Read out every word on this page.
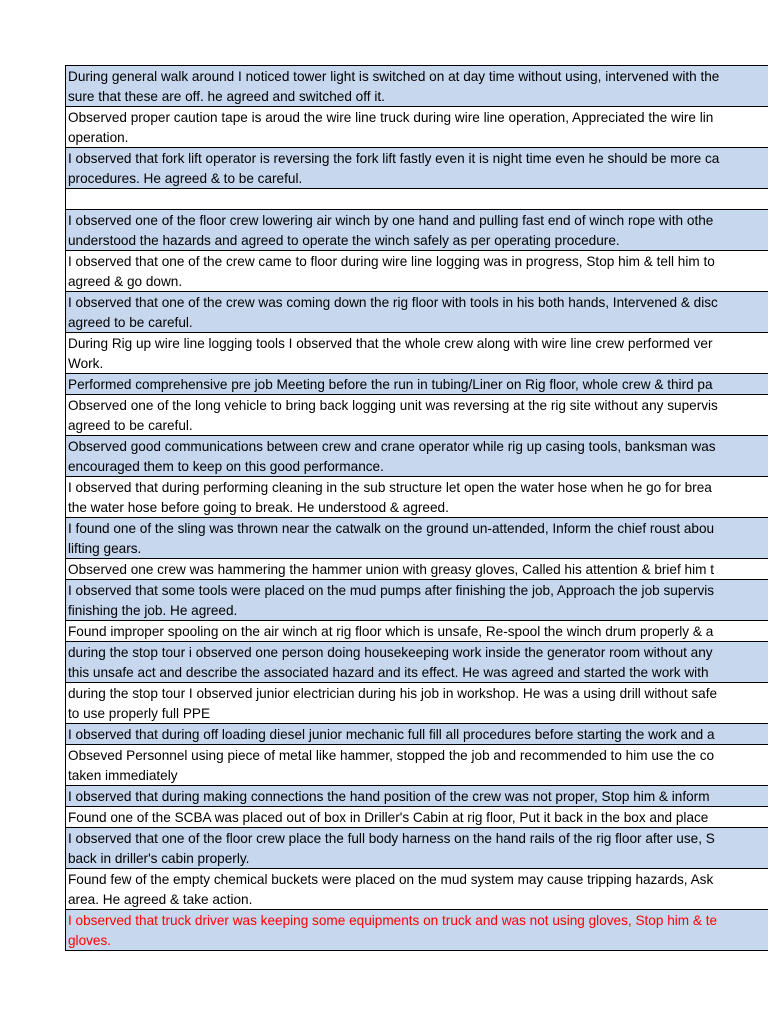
During general walk around I noticed tower light is switched on at day time without using, intervened with the
sure that these are off. he agreed and switched off it.
Observed proper caution tape is aroud the wire line truck during wire line operation, Appreciated the wire lin
operation.
I observed that fork lift operator is reversing the fork lift fastly even it is night time even he should be more ca
procedures. He agreed & to be careful.
I observed one of the floor crew lowering air winch by one hand and pulling fast end of winch rope with othe
understood the hazards and agreed to operate the winch safely as per operating procedure.
I observed that one of the crew came to floor during wire line logging was in progress, Stop him & tell him to
agreed & go down.
I observed that one of the crew was coming down the rig floor with tools in his both hands, Intervened & disc
agreed to be careful.
During Rig up wire line logging tools I observed that the whole crew along with wire line crew performed ver
Work.
Performed comprehensive pre job Meeting before the run in tubing/Liner on Rig floor, whole crew & third pa
Observed one of the long vehicle to bring back logging unit was reversing at the rig site without any supervis
agreed to be careful.
Observed good communications between crew and crane operator while rig up casing tools, banksman was
encouraged them to keep on this good performance.
I observed that during performing cleaning in the sub structure let open the water hose when he go for brea
the water hose before going to break. He understood & agreed.
I found one of the sling was thrown near the catwalk on the ground un-attended, Inform the chief roust abou
lifting gears.
Observed one crew was hammering the hammer union with greasy gloves, Called his attention & brief him t
I observed that some tools were placed on the mud pumps after finishing the job, Approach the job supervis
finishing the job. He agreed.
Found improper spooling on the air winch at rig floor which is unsafe, Re-spool the winch drum properly & a
during the stop tour i observed one person doing housekeeping work inside the generator room without any
this unsafe act and describe the associated hazard and its effect. He was agreed and started the work with
during the stop tour I observed junior electrician during his job in workshop. He was a using drill without safe
to use properly full PPE
I observed that during off loading diesel junior mechanic full fill all procedures before starting the work and a
Obseved Personnel using piece of metal like hammer, stopped the job and recommended to him use the co
taken immediately
I observed that during making connections the hand position of the crew was not proper, Stop him & inform
Found one of the SCBA was placed out of box in Driller's Cabin at rig floor, Put it back in the box and place
I observed that one of the floor crew place the full body harness on the hand rails of the rig floor after use, S
back in driller's cabin properly.
Found few of the empty chemical buckets were placed on the mud system may cause tripping hazards, Ask
area. He agreed & take action.
I observed that truck driver was keeping some equipments on truck and was not using gloves, Stop him & te
gloves.
